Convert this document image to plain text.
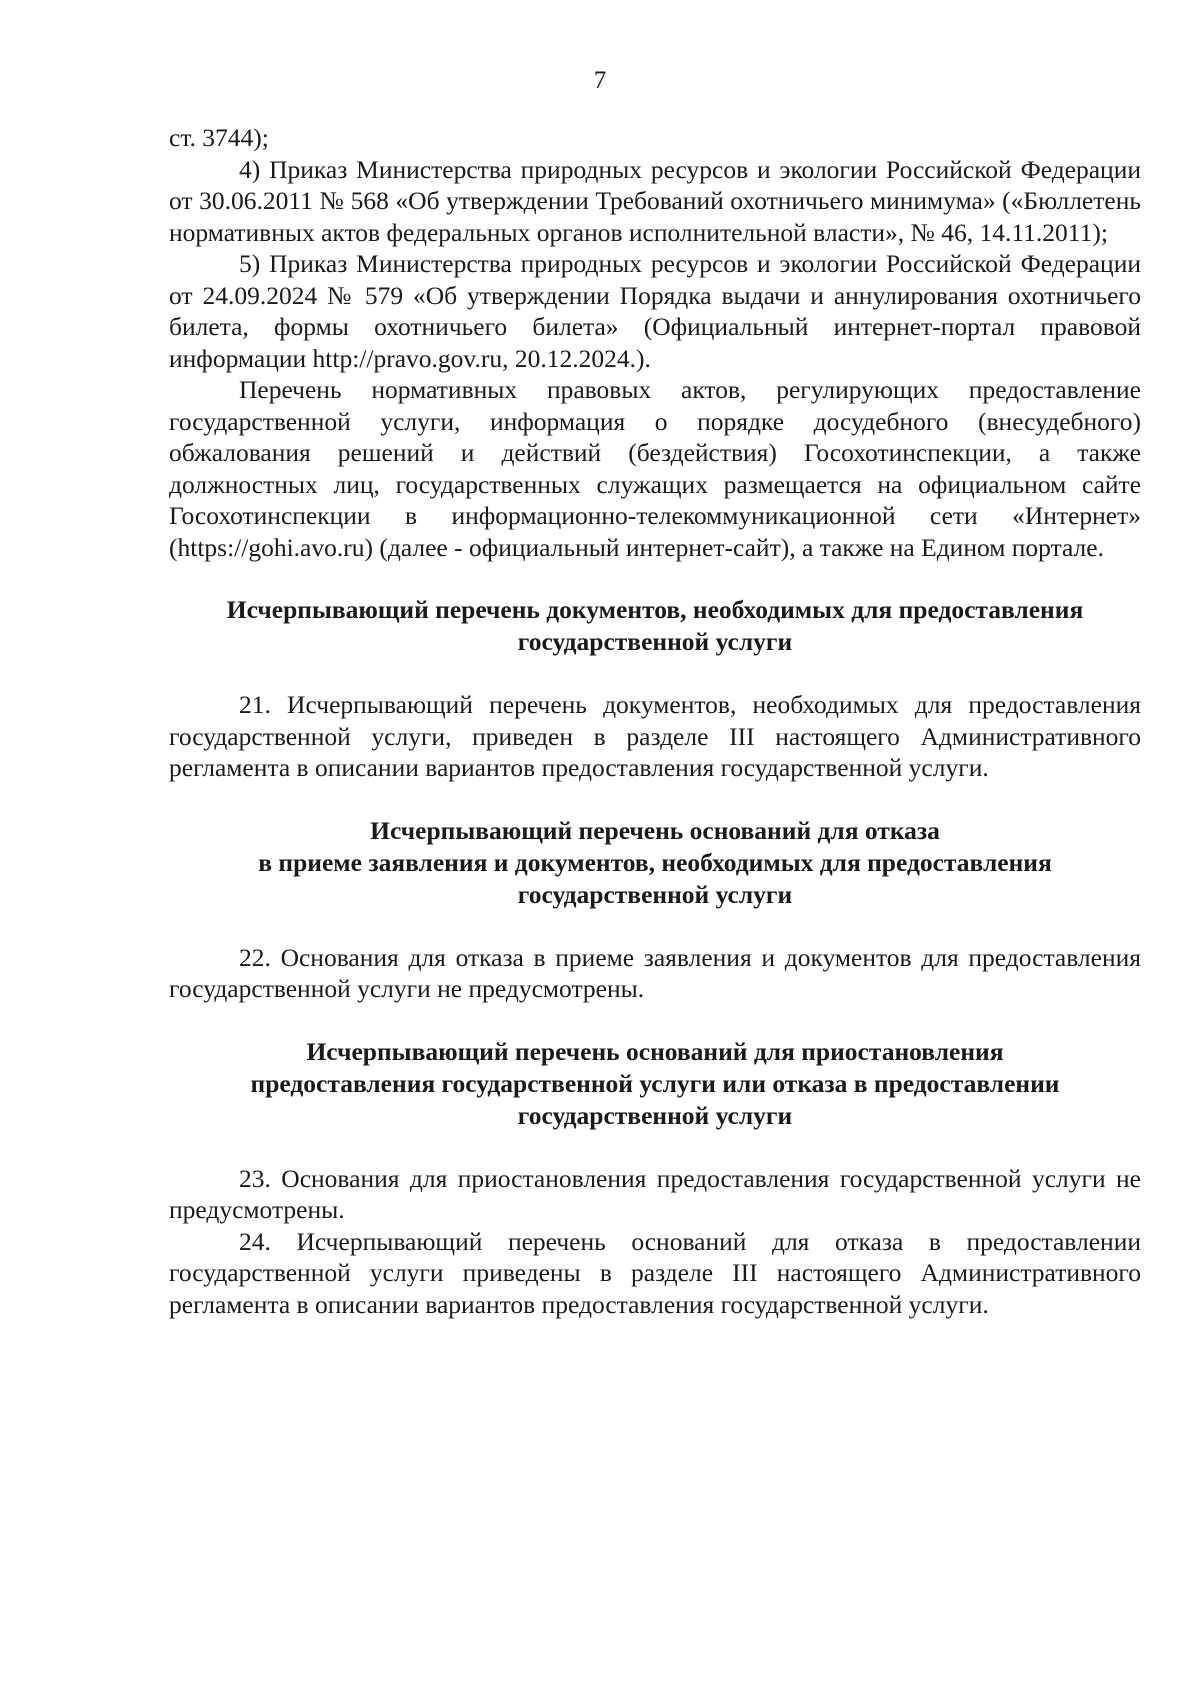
7

ст. 3744);

4) Приказ Министерства природных ресурсов и экологии Российской Федерации от 30.06.2011 № 568 «Об утверждении Требований охотничьего минимума» («Бюллетень нормативных актов федеральных органов исполнительной власти», № 46, 14.11.2011);

5) Приказ Министерства природных ресурсов и экологии Российской Федерации от 24.09.2024 № 579 «Об утверждении Порядка выдачи и аннулирования охотничьего билета, формы охотничьего билета» (Официальный интернет-портал правовой информации http://pravo.gov.ru, 20.12.2024.).

Перечень нормативных правовых актов, регулирующих предоставление государственной услуги, информация о порядке досудебного (внесудебного) обжалования решений и действий (бездействия) Госохотинспекции, а также должностных лиц, государственных служащих размещается на официальном сайте Госохотинспекции в информационно-телекоммуникационной сети «Интернет» (https://gohi.avo.ru) (далее - официальный интернет-сайт), а также на Едином портале.

Исчерпывающий перечень документов, необходимых для предоставления
государственной услуги

21. Исчерпывающий перечень документов, необходимых для предоставления государственной услуги, приведен в разделе III настоящего Административного регламента в описании вариантов предоставления государственной услуги.

Исчерпывающий перечень оснований для отказа
в приеме заявления и документов, необходимых для предоставления
государственной услуги

22. Основания для отказа в приеме заявления и документов для предоставления государственной услуги не предусмотрены.

Исчерпывающий перечень оснований для приостановления
предоставления государственной услуги или отказа в предоставлении
государственной услуги

23. Основания для приостановления предоставления государственной услуги не предусмотрены.

24. Исчерпывающий перечень оснований для отказа в предоставлении государственной услуги приведены в разделе III настоящего Административного регламента в описании вариантов предоставления государственной услуги.
